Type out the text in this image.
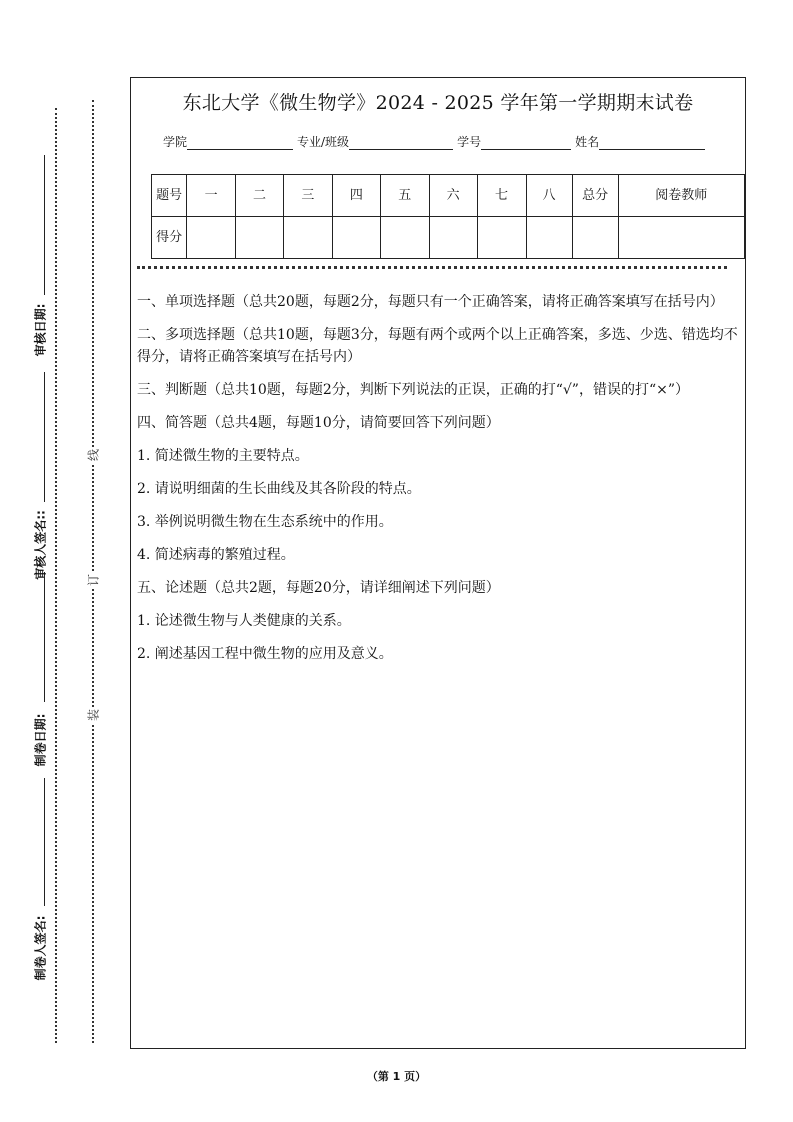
审核日期:
审核人签名::
制卷日期:
制卷人签名:
线
订
装
东北大学《微生物学》2024 - 2025 学年第一学期期末试卷
学院	专业/班级	学号	姓名
题号	一	二	三	四	五	六	七	八	总分	阅卷教师
得分										

一、单项选择题（总共20题，每题2分，每题只有一个正确答案，请将正确答案填写在括号内）

二、多项选择题（总共10题，每题3分，每题有两个或两个以上正确答案，多选、少选、错选均不得分，请将正确答案填写在括号内）

三、判断题（总共10题，每题2分，判断下列说法的正误，正确的打“√”，错误的打“×”）

四、简答题（总共4题，每题10分，请简要回答下列问题）

1. 简述微生物的主要特点。

2. 请说明细菌的生长曲线及其各阶段的特点。

3. 举例说明微生物在生态系统中的作用。

4. 简述病毒的繁殖过程。

五、论述题（总共2题，每题20分，请详细阐述下列问题）

1. 论述微生物与人类健康的关系。

2. 阐述基因工程中微生物的应用及意义。

（第 1 页）
